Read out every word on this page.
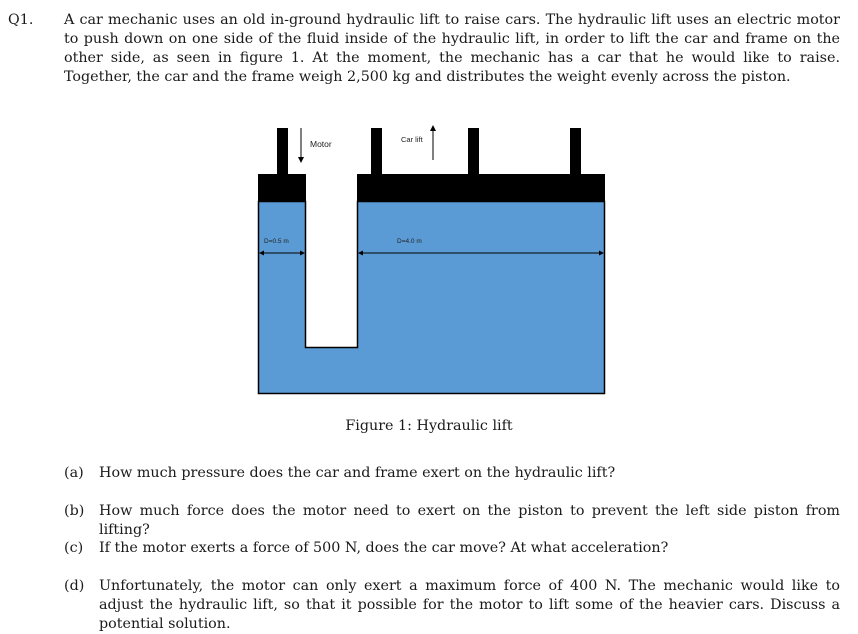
Q1. A car mechanic uses an old in-ground hydraulic lift to raise cars. The hydraulic lift uses an electric motor to push down on one side of the fluid inside of the hydraulic lift, in order to lift the car and frame on the other side, as seen in figure 1. At the moment, the mechanic has a car that he would like to raise. Together, the car and the frame weigh 2,500 kg and distributes the weight evenly across the piston.
Motor	Car lift
D=0.5 m	D=4.0 m
Figure 1: Hydraulic lift
(a) How much pressure does the car and frame exert on the hydraulic lift?
(b) How much force does the motor need to exert on the piston to prevent the left side piston from lifting?
(c) If the motor exerts a force of 500 N, does the car move? At what acceleration?
(d) Unfortunately, the motor can only exert a maximum force of 400 N. The mechanic would like to adjust the hydraulic lift, so that it possible for the motor to lift some of the heavier cars. Discuss a potential solution.
